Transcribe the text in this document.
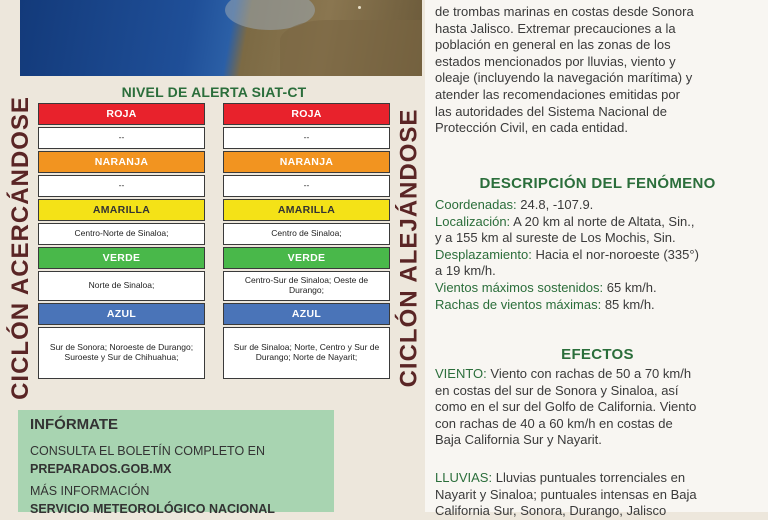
NIVEL DE ALERTA SIAT-CT
CICLÓN ACERCÁNDOSE	CICLÓN ALEJÁNDOSE
ROJA
--
NARANJA
--
AMARILLA
Centro-Norte de Sinaloa;
VERDE
Norte de Sinaloa;
AZUL
Sur de Sonora; Noroeste de Durango; Suroeste y Sur de Chihuahua;
ROJA
--
NARANJA
--
AMARILLA
Centro de Sinaloa;
VERDE
Centro-Sur de Sinaloa; Oeste de Durango;
AZUL
Sur de Sinaloa; Norte, Centro y Sur de Durango; Norte de Nayarit;
INFÓRMATE
CONSULTA EL BOLETÍN COMPLETO EN
PREPARADOS.GOB.MX
MÁS INFORMACIÓN
SERVICIO METEOROLÓGICO NACIONAL
de trombas marinas en costas desde Sonora
hasta Jalisco. Extremar precauciones a la
población en general en las zonas de los
estados mencionados por lluvias, viento y
oleaje (incluyendo la navegación marítima) y
atender las recomendaciones emitidas por
las autoridades del Sistema Nacional de
Protección Civil, en cada entidad.
DESCRIPCIÓN DEL FENÓMENO
Coordenadas: 24.8, -107.9.
Localización: A 20 km al norte de Altata, Sin.,
y a 155 km al sureste de Los Mochis, Sin.
Desplazamiento: Hacia el nor-noroeste (335°)
a 19 km/h.
Vientos máximos sostenidos: 65 km/h.
Rachas de vientos máximas: 85 km/h.
EFECTOS
VIENTO: Viento con rachas de 50 a 70 km/h
en costas del sur de Sonora y Sinaloa, así
como en el sur del Golfo de California. Viento
con rachas de 40 a 60 km/h en costas de
Baja California Sur y Nayarit.
LLUVIAS: Lluvias puntuales torrenciales en
Nayarit y Sinaloa; puntuales intensas en Baja
California Sur, Sonora, Durango, Jalisco
